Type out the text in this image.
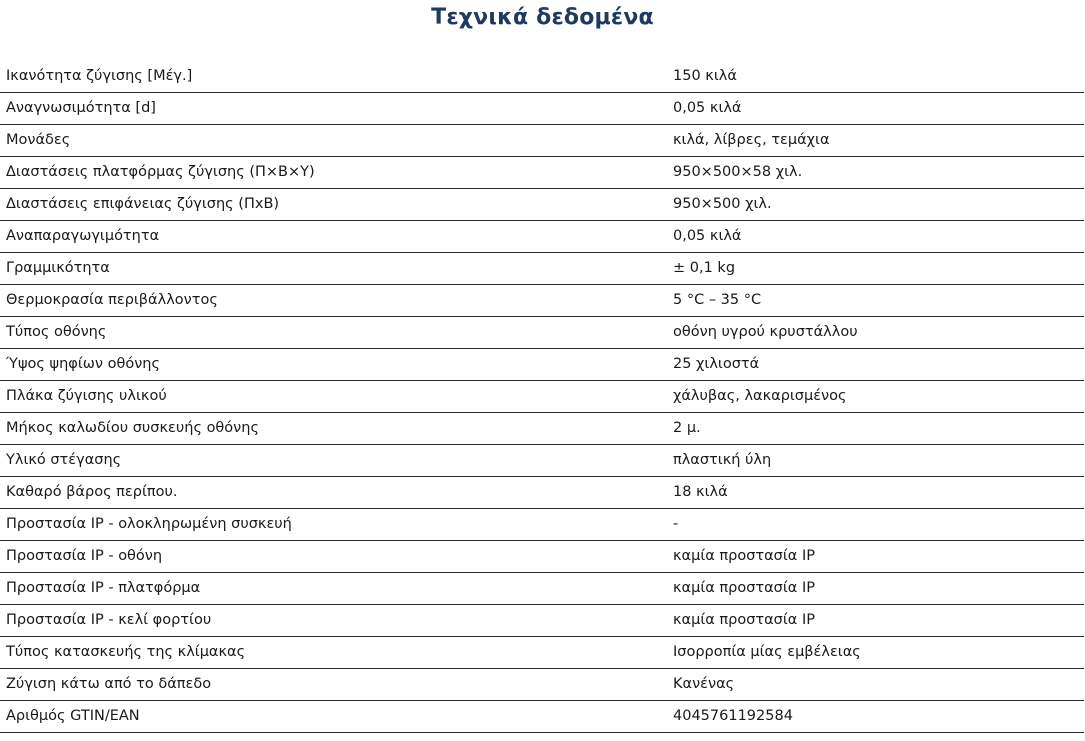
Τεχνικά δεδομένα
Ικανότητα ζύγισης [Μέγ.]	150 κιλά
Αναγνωσιμότητα [d]	0,05 κιλά
Μονάδες	κιλά, λίβρες, τεμάχια
Διαστάσεις πλατφόρμας ζύγισης (Π×Β×Υ)	950×500×58 χιλ.
Διαστάσεις επιφάνειας ζύγισης (ΠxΒ)	950×500 χιλ.
Αναπαραγωγιμότητα	0,05 κιλά
Γραμμικότητα	± 0,1 kg
Θερμοκρασία περιβάλλοντος	5 °C – 35 °C
Τύπος οθόνης	οθόνη υγρού κρυστάλλου
Ύψος ψηφίων οθόνης	25 χιλιοστά
Πλάκα ζύγισης υλικού	χάλυβας, λακαρισμένος
Μήκος καλωδίου συσκευής οθόνης	2 μ.
Υλικό στέγασης	πλαστική ύλη
Καθαρό βάρος περίπου.	18 κιλά
Προστασία IP - ολοκληρωμένη συσκευή	-
Προστασία IP - οθόνη	καμία προστασία IP
Προστασία IP - πλατφόρμα	καμία προστασία IP
Προστασία IP - κελί φορτίου	καμία προστασία IP
Τύπος κατασκευής της κλίμακας	Ισορροπία μίας εμβέλειας
Ζύγιση κάτω από το δάπεδο	Κανένας
Αριθμός GTIN/EAN	4045761192584
